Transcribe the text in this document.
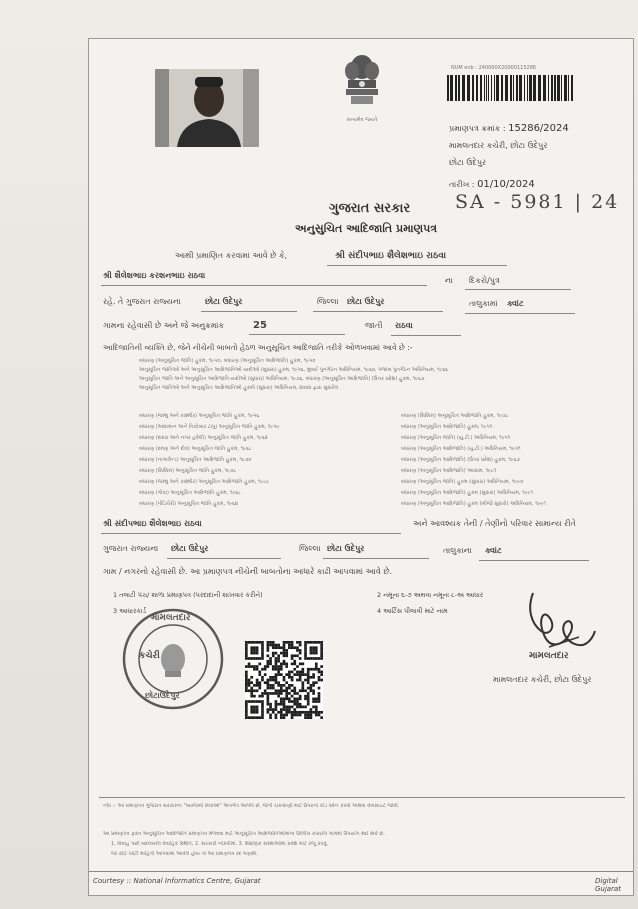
સત્યમેવ જયતે
NUM enb : 240000X20000115286
પ્રમાણપત્ર ક્રમાંક : 15286/2024
મામલતદાર કચેરી, છોટા ઉદેપુર
છોટા ઉદેપુર
તારીખ : 01/10/2024
SA - 5981 | 24
ગુજરાત સરકાર
અનુસુચિત આદિજાતિ પ્રમાણપત્ર
આથી પ્રમાણિત કરવામાં આવે છે કે,	શ્રી સંદીપભાઇ શૈલેશભાઇ રાઠવા
શ્રી શૈલેશભાઇ કરશનભાઇ રાઠવા
ના દિકરો/પુત્ર
રહે. તે ગુજરાત રાજ્યના	છોટા ઉદેપુર	જિલ્લા છોટા ઉદેપુર	તાલુકામાં ક્વાંટ
ગામના રહેવાસી છે અને જે અનુક્રમાંક	25	જાતી રાઠવા
આદિજાતિની વ્યક્તિ છે, જેને નીચેની બાબતો હેઠળ અનુસૂચિત આદિજાતિ તરીકે ઓળખવામાં આવે છે :-
બંધારણ (અનુસૂચિત જાતિ) હુકમ, ૧૯૫૦, બંધારણ (અનુસૂચિત આદિજાતિ) હુકમ, ૧૯૫૦
અનુસૂચિત જાતિઓ અને અનુસૂચિત આદિજાતિઓ યાદીઓ (સુધારા) હુકમ, ૧૯૫૬, મુંબઈ પુનર્ગઠન અધિનિયમ, ૧૯૬૦, પંજાબ પુનર્ગઠન અધિનિયમ, ૧૯૬૬
અનુસૂચિત જાતિ અને અનુસૂચિત આદિજાતિ યાદીઓ (સુધારા) અધિનિયમ, ૧૯૭૬, બંધારણ (અનુસૂચિત આદિજાતિ) (ઉત્તર પ્રદેશ) હુકમ, ૧૯૬૭
અનુસૂચિત જાતિઓ અને અનુસૂચિત આદિજાતિઓ હુકમો (સુધારા) અધિનિયમ, ૨૦૦૨ દ્વારા સુધારેલ
બંધારણ (જમ્મુ અને કાશ્મીર) અનુસૂચિત જાતિ હુકમ, ૧૯૫૬
બંધારણ (આંદામાન અને નિકોબાર ટાપુ) અનુસૂચિત જાતિ હુકમ, ૧૯૫૯
બંધારણ (દાદરા અને નગર હવેલી) અનુસૂચિત જાતિ હુકમ, ૧૯૬૨
બંધારણ (દમણ અને દીવ) અનુસૂચિત જાતિ હુકમ, ૧૯૬૮
બંધારણ (નાગાલેન્ડ) અનુસૂચિત આદિજાતિ હુકમ, ૧૯૭૦
બંધારણ (સિક્કિમ) અનુસૂચિત જાતિ હુકમ, ૧૯૭૮
બંધારણ (જમ્મુ અને કાશ્મીર) અનુસૂચિત આદિજાતિ હુકમ, ૧૯૮૯
બંધારણ (ગોવા) અનુસૂચિત આદિજાતિ હુકમ, ૧૯૬૮
બંધારણ (પોંડિચેરી) અનુસૂચિત જાતિ હુકમ, ૧૯૬૪
બંધારણ (સિક્કિમ) અનુસૂચિત આદિજાતિ હુકમ, ૧૯૭૮
બંધારણ (અનુસૂચિત આદિજાતિ) હુકમ, ૧૯૫૧
બંધારણ (અનુસૂચિત જાતિ) (યુ.ટી.) અધિનિયમ, ૧૯૫૧
બંધારણ (અનુસૂચિત આદિજાતિ) (યુ.ટી.) અધિનિયમ, ૧૯૫૧
બંધારણ (અનુસૂચિત આદિજાતિ) (ઉત્તર પ્રદેશ) હુકમ, ૧૯૬૭
બંધારણ (અનુસૂચિત આદિજાતિ) આસામ, ૧૯૮૧
બંધારણ (અનુસૂચિત જાતિ) હુકમ (સુધારા) અધિનિયમ, ૧૯૯૦
બંધારણ (અનુસૂચિત આદિજાતિ) હુકમ (સુધારા) અધિનિયમ, ૧૯૯૧
બંધારણ (અનુસૂચિત આદિજાતિ) હુકમ (બીજો સુધારો) અધિનિયમ, ૧૯૯૧
શ્રી સંદીપભાઇ શૈલેશભાઇ રાઠવા	અને આવશ્યક તેની / તેણીનો પરિવાર સામાન્ય રીતે
ગુજરાત રાજ્યના છોટા ઉદેપુર	જિલ્લા છોટા ઉદેપુર	તાલુકાના ક્વાંટ
ગામ / નગરનો રહેવાસી છે. આ પ્રમાણપત્ર નીચેની બાબતોના આધારે કાઢી આપવામાં આવે છે.
1 તલાટી પંચ/ શાળા પ્રમાણપત્ર (પરદાદાની શાખવાર કરીને)	2 નમૂના ૬-૭ અથવા નમૂના ૮-અ આધાર
3 આધારકાર્ડ	4 આર્ટિસ પીલાવી માટે નામ
મામલતદાર
કચેરી
છોટાઉદેપુર
મામલતદાર
મામલતદાર કચેરી, છોટા ઉદેપુર
નોંધ :- આ પ્રમાણપત્ર ગુજરાત સરકારના "વ્યાજબી સેવાઓ" અંતર્ગત આપેલ છે, જેની ચકાસણી માટે ઉપરનો કોડ સ્કેન કરવો અથવા વેબસાઇટ જોવી.
આ પ્રમાણપત્ર ફક્ત અનુસૂચિત આદિજાતિ પ્રમાણપત્ર મેળવવા માટે અનુસૂચિત આદિજાતિઓમાંના ઉલ્લેખ કરાયેલ ગામમાં ઉપયોગ થઈ શકે છે.
1. વિવાહ પછી બદલાયેલ વૈવાહિક સ્થિતિ, 2. સરકારી નોકરીમાં, 3. શૈક્ષણિક સંસ્થાઓમાં પ્રવેશ માટે રજૂ કરવું.
જો કોઈ ખોટી માહિતી આપવામાં આવેલ હોય તો આ પ્રમાણપત્ર રદ ગણાશે.
Courtesy :: National Informatics Centre, Gujarat	Digital Gujarat
